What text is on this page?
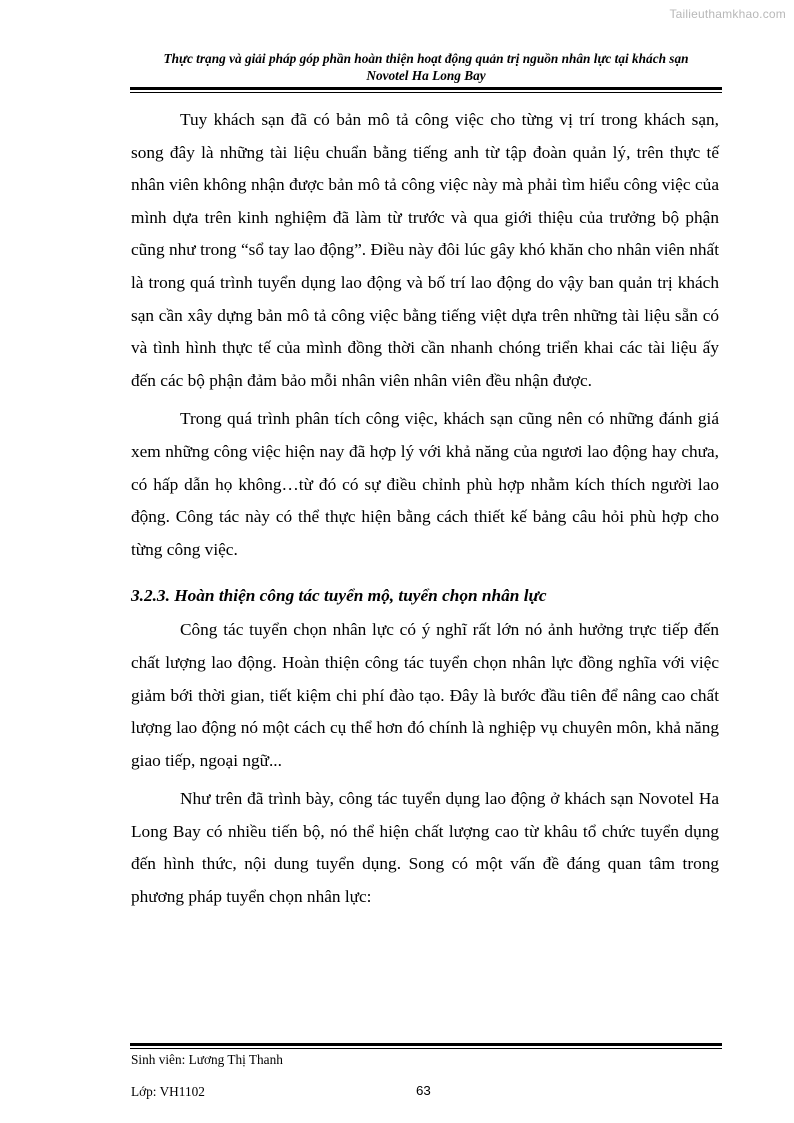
Tailieuthamkhao.com
Thực trạng và giải pháp góp phần hoàn thiện hoạt động quản trị nguồn nhân lực tại khách sạn
Novotel Ha Long Bay

Tuy khách sạn đã có bản mô tả công việc cho từng vị trí trong khách sạn, song đây là những tài liệu chuẩn bằng tiếng anh từ tập đoàn quản lý, trên thực tế nhân viên không nhận được bản mô tả công việc này mà phải tìm hiểu công việc của mình dựa trên kinh nghiệm đã làm từ trước và qua giới thiệu của trưởng bộ phận cũng như trong “sổ tay lao động”. Điều này đôi lúc gây khó khăn cho nhân viên nhất là trong quá trình tuyển dụng lao động và bố trí lao động do vậy ban quản trị khách sạn cần xây dựng bản mô tả công việc bằng tiếng việt dựa trên những tài liệu sẵn có và tình hình thực tế của mình đồng thời cần nhanh chóng triển khai các tài liệu ấy đến các bộ phận đảm bảo mỗi nhân viên nhân viên đều nhận được.

Trong quá trình phân tích công việc, khách sạn cũng nên có những đánh giá xem những công việc hiện nay đã hợp lý với khả năng của ngươi lao động hay chưa, có hấp dẫn họ không…từ đó có sự điều chỉnh phù hợp nhằm kích thích người lao động. Công tác này có thể thực hiện bằng cách thiết kế bảng câu hỏi phù hợp cho từng công việc.

3.2.3. Hoàn thiện công tác tuyển mộ, tuyển chọn nhân lực

Công tác tuyển chọn nhân lực có ý nghĩ rất lớn nó ảnh hưởng trực tiếp đến chất lượng lao động. Hoàn thiện công tác tuyển chọn nhân lực đồng nghĩa với việc giảm bới thời gian, tiết kiệm chi phí đào tạo. Đây là bước đầu tiên để nâng cao chất lượng lao động nó một cách cụ thể hơn đó chính là nghiệp vụ chuyên môn, khả năng giao tiếp, ngoại ngữ...

Như trên đã trình bày, công tác tuyển dụng lao động ở khách sạn Novotel Ha Long Bay có nhiều tiến bộ, nó thể hiện chất lượng cao từ khâu tổ chức tuyển dụng đến hình thức, nội dung tuyển dụng. Song có một vấn đề đáng quan tâm trong phương pháp tuyển chọn nhân lực:

Sinh viên: Lương Thị Thanh
Lớp: VH1102	63
